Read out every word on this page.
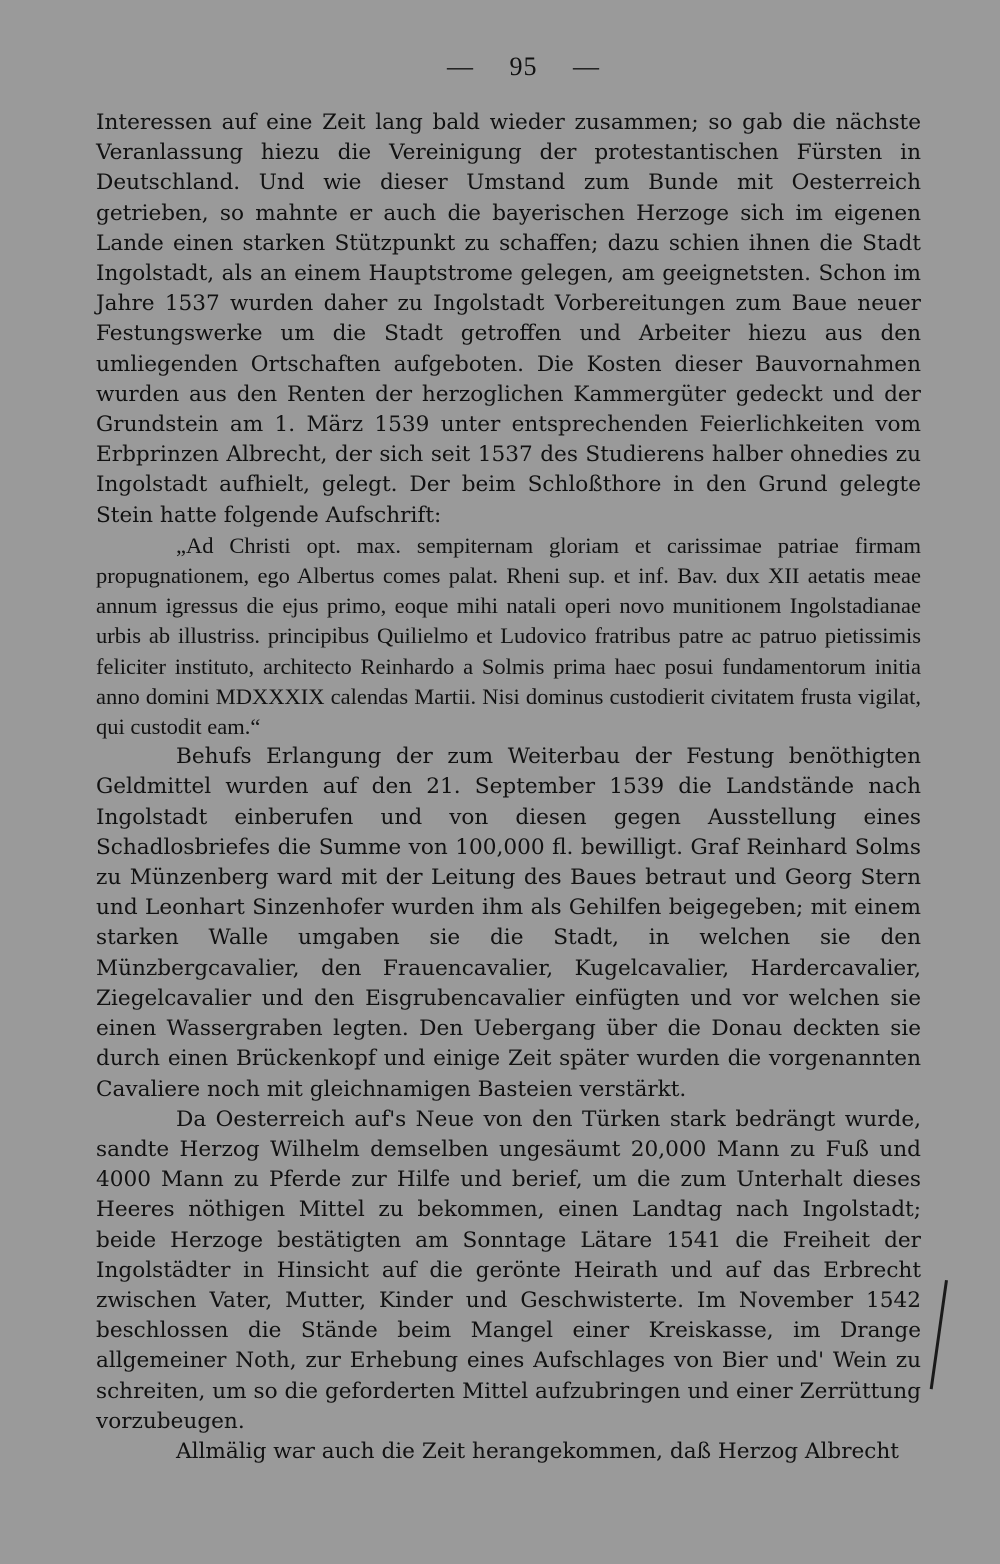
— 95 —

Interessen auf eine Zeit lang bald wieder zusammen; so gab die nächste Veranlassung hiezu die Vereinigung der protestantischen Fürsten in Deutschland. Und wie dieser Umstand zum Bunde mit Oesterreich getrieben, so mahnte er auch die bayerischen Herzoge sich im eigenen Lande einen starken Stützpunkt zu schaffen; dazu schien ihnen die Stadt Ingolstadt, als an einem Hauptstrome gelegen, am geeignetsten. Schon im Jahre 1537 wurden daher zu Ingolstadt Vorbereitungen zum Baue neuer Festungswerke um die Stadt getroffen und Arbeiter hiezu aus den umliegenden Ortschaften aufgeboten. Die Kosten dieser Bauvornahmen wurden aus den Renten der herzoglichen Kammergüter gedeckt und der Grundstein am 1. März 1539 unter entsprechenden Feierlichkeiten vom Erbprinzen Albrecht, der sich seit 1537 des Studierens halber ohnedies zu Ingolstadt aufhielt, gelegt. Der beim Schloßthore in den Grund gelegte Stein hatte folgende Aufschrift:

„Ad Christi opt. max. sempiternam gloriam et carissimae patriae firmam propugnationem, ego Albertus comes palat. Rheni sup. et inf. Bav. dux XII aetatis meae annum igressus die ejus primo, eoque mihi natali operi novo munitionem Ingolstadianae urbis ab illustriss. principibus Quilielmo et Ludovico fratribus patre ac patruo pietissimis feliciter instituto, architecto Reinhardo a Solmis prima haec posui fundamentorum initia anno domini MDXXXIX calendas Martii. Nisi dominus custodierit civitatem frusta vigilat, qui custodit eam.“

Behufs Erlangung der zum Weiterbau der Festung benöthigten Geldmittel wurden auf den 21. September 1539 die Landstände nach Ingolstadt einberufen und von diesen gegen Ausstellung eines Schadlosbriefes die Summe von 100,000 fl. bewilligt. Graf Reinhard Solms zu Münzenberg ward mit der Leitung des Baues betraut und Georg Stern und Leonhart Sinzenhofer wurden ihm als Gehilfen beigegeben; mit einem starken Walle umgaben sie die Stadt, in welchen sie den Münzbergcavalier, den Frauencavalier, Kugelcavalier, Hardercavalier, Ziegelcavalier und den Eisgrubencavalier einfügten und vor welchen sie einen Wassergraben legten. Den Uebergang über die Donau deckten sie durch einen Brückenkopf und einige Zeit später wurden die vorgenannten Cavaliere noch mit gleichnamigen Basteien verstärkt.

Da Oesterreich auf's Neue von den Türken stark bedrängt wurde, sandte Herzog Wilhelm demselben ungesäumt 20,000 Mann zu Fuß und 4000 Mann zu Pferde zur Hilfe und berief, um die zum Unterhalt dieses Heeres nöthigen Mittel zu bekommen, einen Landtag nach Ingolstadt; beide Herzoge bestätigten am Sonntage Lätare 1541 die Freiheit der Ingolstädter in Hinsicht auf die gerönte Heirath und auf das Erbrecht zwischen Vater, Mutter, Kinder und Geschwisterte. Im November 1542 beschlossen die Stände beim Mangel einer Kreiskasse, im Drange allgemeiner Noth, zur Erhebung eines Aufschlages von Bier und' Wein zu schreiten, um so die geforderten Mittel aufzubringen und einer Zerrüttung vorzubeugen.

Allmälig war auch die Zeit herangekommen, daß Herzog Albrecht
